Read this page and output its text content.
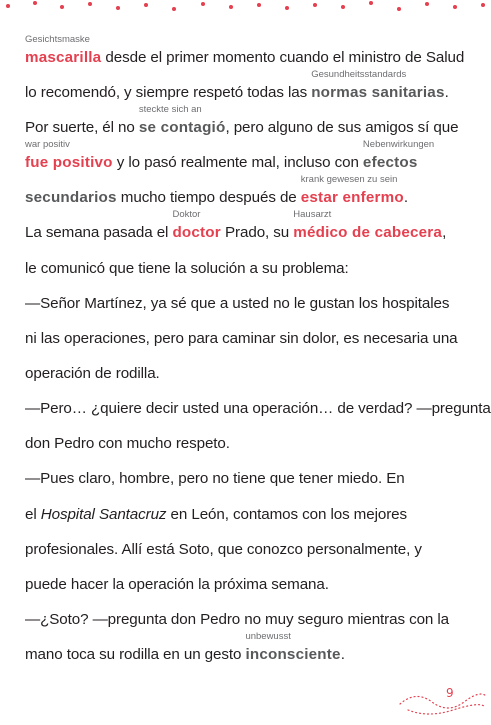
Gesichtsmaske
mascarilla desde el primer momento cuando el ministro de Salud
lo recomendó, y siempre respetó todas las
Gesundheitsstandards
normas sanitarias.
Por suerte, él no
steckte sich an
se contagió, pero alguno de sus amigos sí que
war positiv
fue positivo y lo pasó realmente mal, incluso con
Nebenwirkungen
efectos
secundarios mucho tiempo después de
krank gewesen zu sein
estar enfermo.
La semana pasada el
Doktor
doctor Prado, su
Hausarzt
médico de cabecera,
le comunicó que tiene la solución a su problema:
—Señor Martínez, ya sé que a usted no le gustan los hospitales
ni las operaciones, pero para caminar sin dolor, es necesaria una
operación de rodilla.
—Pero… ¿quiere decir usted una operación… de verdad? —pregunta
don Pedro con mucho respeto.
—Pues claro, hombre, pero no tiene que tener miedo. En
el Hospital Santacruz en León, contamos con los mejores
profesionales. Allí está Soto, que conozco personalmente, y
puede hacer la operación la próxima semana.
—¿Soto? —pregunta don Pedro no muy seguro mientras con la
mano toca su rodilla en un gesto
unbewusst
inconsciente.
9
